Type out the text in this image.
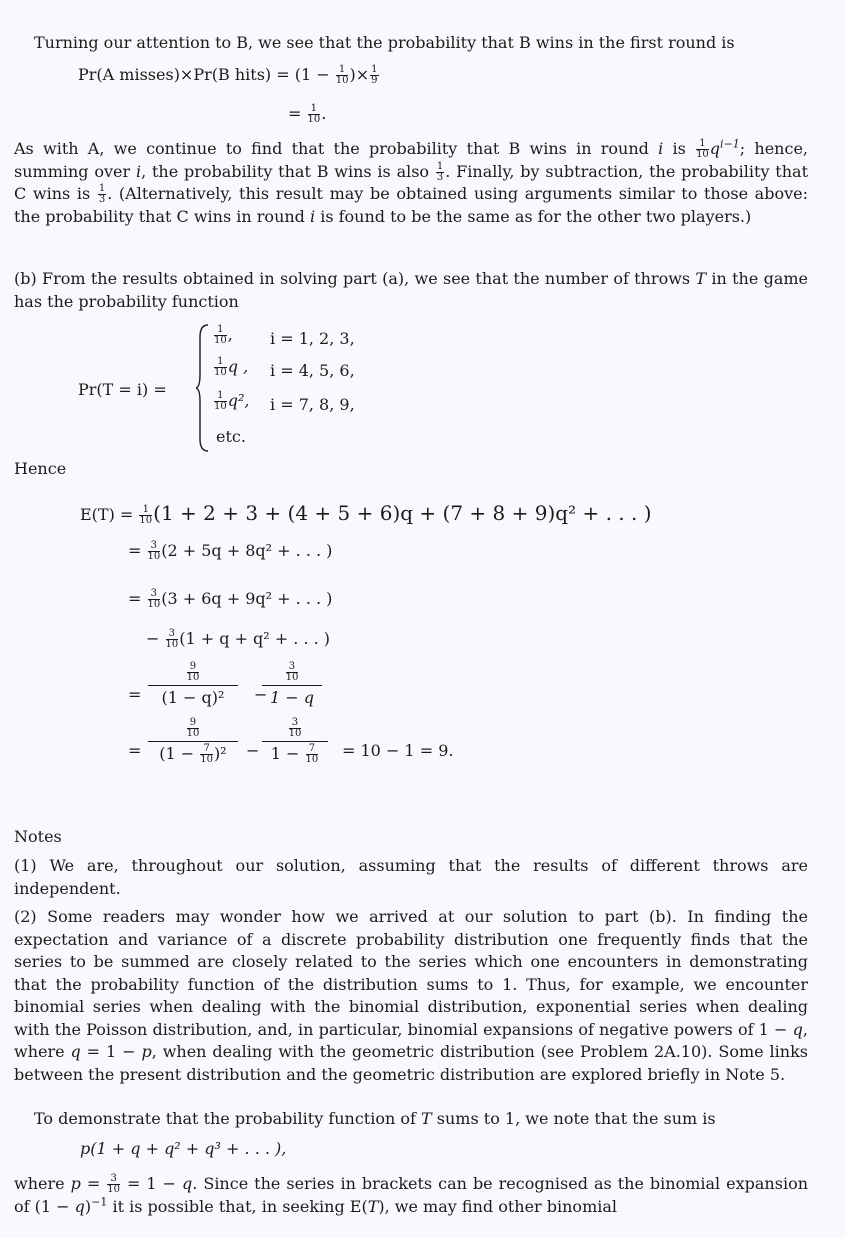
Turning our attention to B, we see that the probability that B wins in the first round is
Pr(A misses)×Pr(B hits) = ($1 - \frac{1}{10}$ )× $\frac{1}{9}$
= $\frac{1}{10}$ .
As with A, we continue to find that the probability that B wins in round i is $\frac{1}{10} q^{i-1}$; hence, summing over i, the probability that B wins is also $\frac{1}{3}$ . Finally, by subtraction, the probability that C wins is $\frac{1}{3}$ . (Alternatively, this result may be obtained using arguments similar to those above: the probability that C wins in round i is found to be the same as for the other two players.)
(b) From the results obtained in solving part (a), we see that the number of throws T in the game has the probability function
Pr(T = i) =
$\frac{1}{10}$ , i = 1, 2, 3,
$\frac{1}{10}$ q , i = 4, 5, 6,
$\frac{1}{10} q^2$, i = 7, 8, 9,
etc.
Hence
$E(T) = \frac{1}{10} (1 + 2 + 3 + (4 + 5 + 6)q + (7 + 8 + 9)q^2$ + . . . )
= $\frac{3}{10} (2 + 5q + 8q^2$ + . . . )
= $\frac{3}{10} (3 + 6q + 9q^2$ + . . . )
− $\frac{3}{10} (1 + q + q^2$ + . . . )
=
$\frac{9}{10}$
(1 − q)²	−
$\frac{3}{10}$
1 − q
=
$\frac{9}{10}$
$(1 - \frac{7}{10} )^2$	−
$\frac{3}{10}$
$1 - \frac{7}{10} = 10 - 1 = 9$.
Notes
(1) We are, throughout our solution, assuming that the results of different throws are independent.
(2) Some readers may wonder how we arrived at our solution to part (b). In finding the expectation and variance of a discrete probability distribution one frequently finds that the series to be summed are closely related to the series which one encounters in demonstrating that the probability function of the distribution sums to 1. Thus, for example, we encounter binomial series when dealing with the binomial distribution, exponential series when dealing with the Poisson distribution, and, in particular, binomial expansions of negative powers of 1 − q, where q = 1 − p, when dealing with the geometric distribution (see Problem 2A.10). Some links between the present distribution and the geometric distribution are explored briefly in Note 5.
To demonstrate that the probability function of T sums to 1, we note that the sum is
p(1 + q + q² + q³ + . . . ),
where $p = \frac{3}{10} = 1 - q$. Since the series in brackets can be recognised as the binomial expansion of $(1 - q)^{-1}$ it is possible that, in seeking E(T), we may find other binomial
